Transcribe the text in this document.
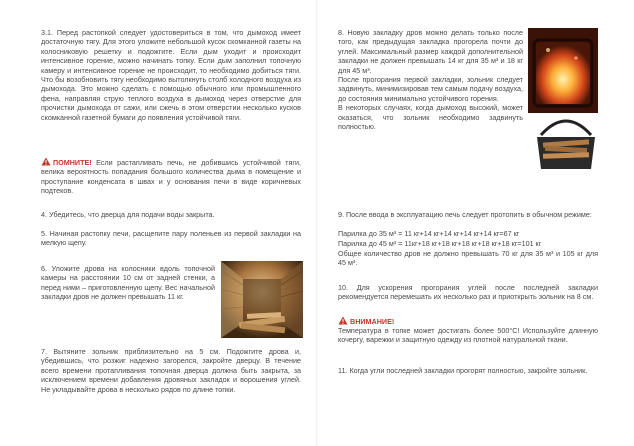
3.1. Перед растопкой следует удостовериться в том, что дымоход имеет достаточную тягу. Для этого уложите небольшой кусок скомканной газеты на колосниковую решетку и подожгите. Если дым уходит и происходит интенсивное горение, можно начинать топку. Если дым заполнил топочную камеру и интенсивное горение не происходит, то необходимо добиться тяги. Что бы возобновить тягу необходимо вытолкнуть столб холодного воздуха из дымохода. Это можно сделать с помощью обычного или промышленного фена, направляя струю теплого воздуха в дымоход через отверстие для прочистки дымохода от сажи, или сжечь в этом отверстии несколько кусков скомканной газетной бумаги до появления устойчивой тяги.

ПОМНИТЕ! Если растапливать печь, не добившись устойчивой тяги, велика вероятность попадания большого количества дыма в помещение и проступание конденсата в швах и у основания печи в виде коричневых подтеков.

4. Убедитесь, что дверца для подачи воды закрыта.

5. Начиная растопку печи, расщепите пару поленьев из первой закладки на мелкую щепу.

6. Уложите дрова на колосники вдоль топочной камеры на расстоянии 10 см от задней стенки, а перед ними – приготовленную щепу. Вес начальной закладки дров не должен превышать 11 кг.

7. Вытяните зольник приблизительно на 5 см. Подожгите дрова и, убедившись, что розжиг надежно загорелся, закройте дверцу. В течение всего времени протапливания топочная дверца должна быть закрыта, за исключением времени добавления дровяных закладок и ворошения углей. Не укладывайте дрова в несколько рядов по длине топки.

8. Новую закладку дров можно делать только после того, как предыдущая закладка прогорела почти до углей. Максимальный размер каждой дополнительной закладки не должен превышать 14 кг для 35 м³ и 18 кг для 45 м³.

После прогорания первой закладки, зольник следует задвинуть, минимизировав тем самым подачу воздуха, до состояния минимально устойчивого горения.

В некоторых случаях, когда дымоход высокий, может оказаться, что зольник необходимо задвинуть полностью.

9. После ввода в эксплуатацию печь следует протопить в обычном режиме:

Парилка до 35 м³ = 11 кг+14 кг+14 кг+14 кг+14 кг=67 кг

Парилка до 45 м³ = 11кг+18 кг+18 кг+18 кг+18 кг+18 кг=101 кг

Общее количество дров не должно превышать 70 кг для 35 м³ и 105 кг для 45 м³.

10. Для ускорения прогорания углей после последней закладки рекомендуется перемешать их несколько раз и приоткрыть зольник на 8 см.

ВНИМАНИЕ!

Температура в топке может достигать более 500°С! Используйте длинную кочергу, варежки и защитную одежду из плотной натуральной ткани.

11. Когда угли последней закладки прогорят полностью, закройте зольник.
